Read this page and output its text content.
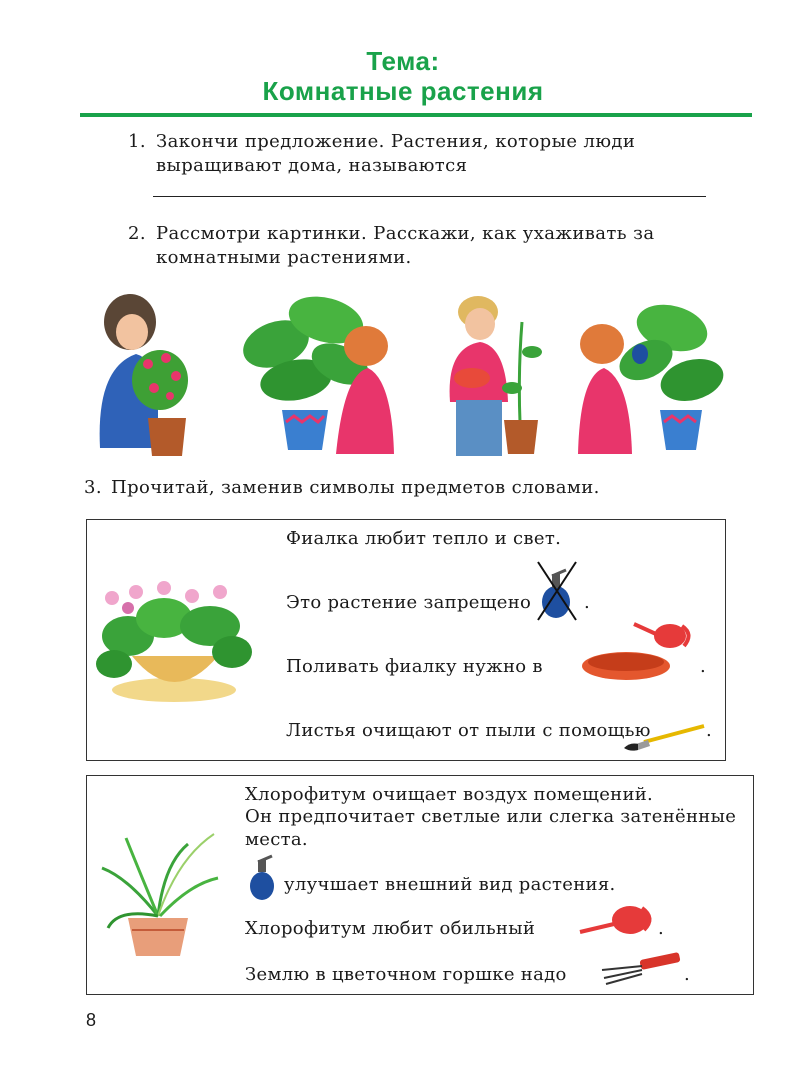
Тема:
Комнатные растения
1. Закончи предложение. Растения, которые люди
выращивают дома, называются
2. Рассмотри картинки. Расскажи, как ухаживать за
комнатными растениями.
3. Прочитай, заменив символы предметов словами.
Фиалка любит тепло и свет.
Это растение запрещено	.
Поливать фиалку нужно в	.
Листья очищают от пыли с помощью	.
Хлорофитум очищает воздух помещений.
Он предпочитает светлые или слегка затенённые
места.
улучшает внешний вид растения.
Хлорофитум любит обильный	.
Землю в цветочном горшке надо	.
8
